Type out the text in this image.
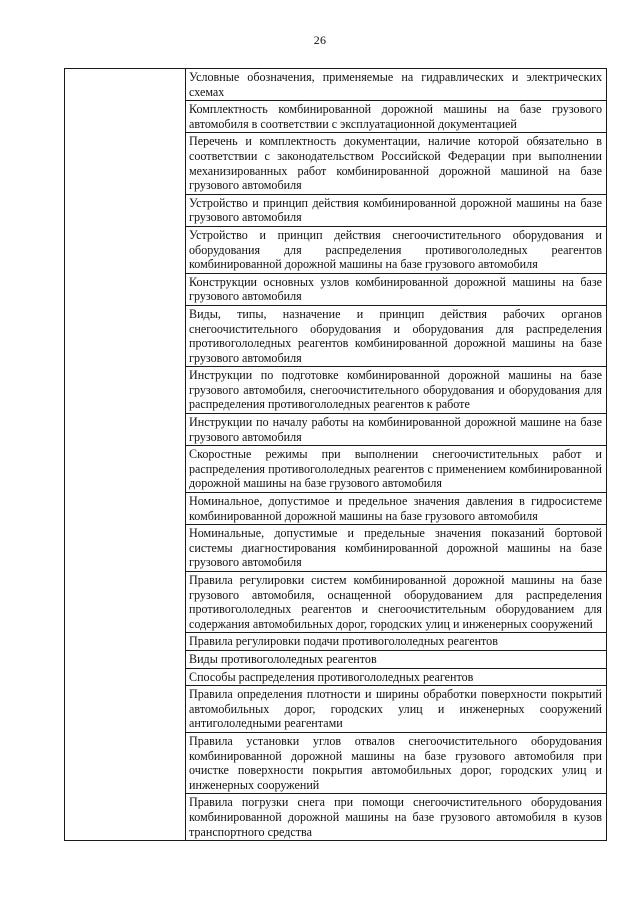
26

Условные обозначения, применяемые на гидравлических и электрических схемах

Комплектность комбинированной дорожной машины на базе грузового автомобиля в соответствии с эксплуатационной документацией

Перечень и комплектность документации, наличие которой обязательно в соответствии с законодательством Российской Федерации при выполнении механизированных работ комбинированной дорожной машиной на базе грузового автомобиля

Устройство и принцип действия комбинированной дорожной машины на базе грузового автомобиля

Устройство и принцип действия снегоочистительного оборудования и оборудования для распределения противогололедных реагентов комбинированной дорожной машины на базе грузового автомобиля

Конструкции основных узлов комбинированной дорожной машины на базе грузового автомобиля

Виды, типы, назначение и принцип действия рабочих органов снегоочистительного оборудования и оборудования для распределения противогололедных реагентов комбинированной дорожной машины на базе грузового автомобиля

Инструкции по подготовке комбинированной дорожной машины на базе грузового автомобиля, снегоочистительного оборудования и оборудования для распределения противогололедных реагентов к работе

Инструкции по началу работы на комбинированной дорожной машине на базе грузового автомобиля

Скоростные режимы при выполнении снегоочистительных работ и распределения противогололедных реагентов с применением комбинированной дорожной машины на базе грузового автомобиля

Номинальное, допустимое и предельное значения давления в гидросистеме комбинированной дорожной машины на базе грузового автомобиля

Номинальные, допустимые и предельные значения показаний бортовой системы диагностирования комбинированной дорожной машины на базе грузового автомобиля

Правила регулировки систем комбинированной дорожной машины на базе грузового автомобиля, оснащенной оборудованием для распределения противогололедных реагентов и снегоочистительным оборудованием для содержания автомобильных дорог, городских улиц и инженерных сооружений

Правила регулировки подачи противогололедных реагентов

Виды противогололедных реагентов

Способы распределения противогололедных реагентов

Правила определения плотности и ширины обработки поверхности покрытий автомобильных дорог, городских улиц и инженерных сооружений антигололедными реагентами

Правила установки углов отвалов снегоочистительного оборудования комбинированной дорожной машины на базе грузового автомобиля при очистке поверхности покрытия автомобильных дорог, городских улиц и инженерных сооружений

Правила погрузки снега при помощи снегоочистительного оборудования комбинированной дорожной машины на базе грузового автомобиля в кузов транспортного средства
